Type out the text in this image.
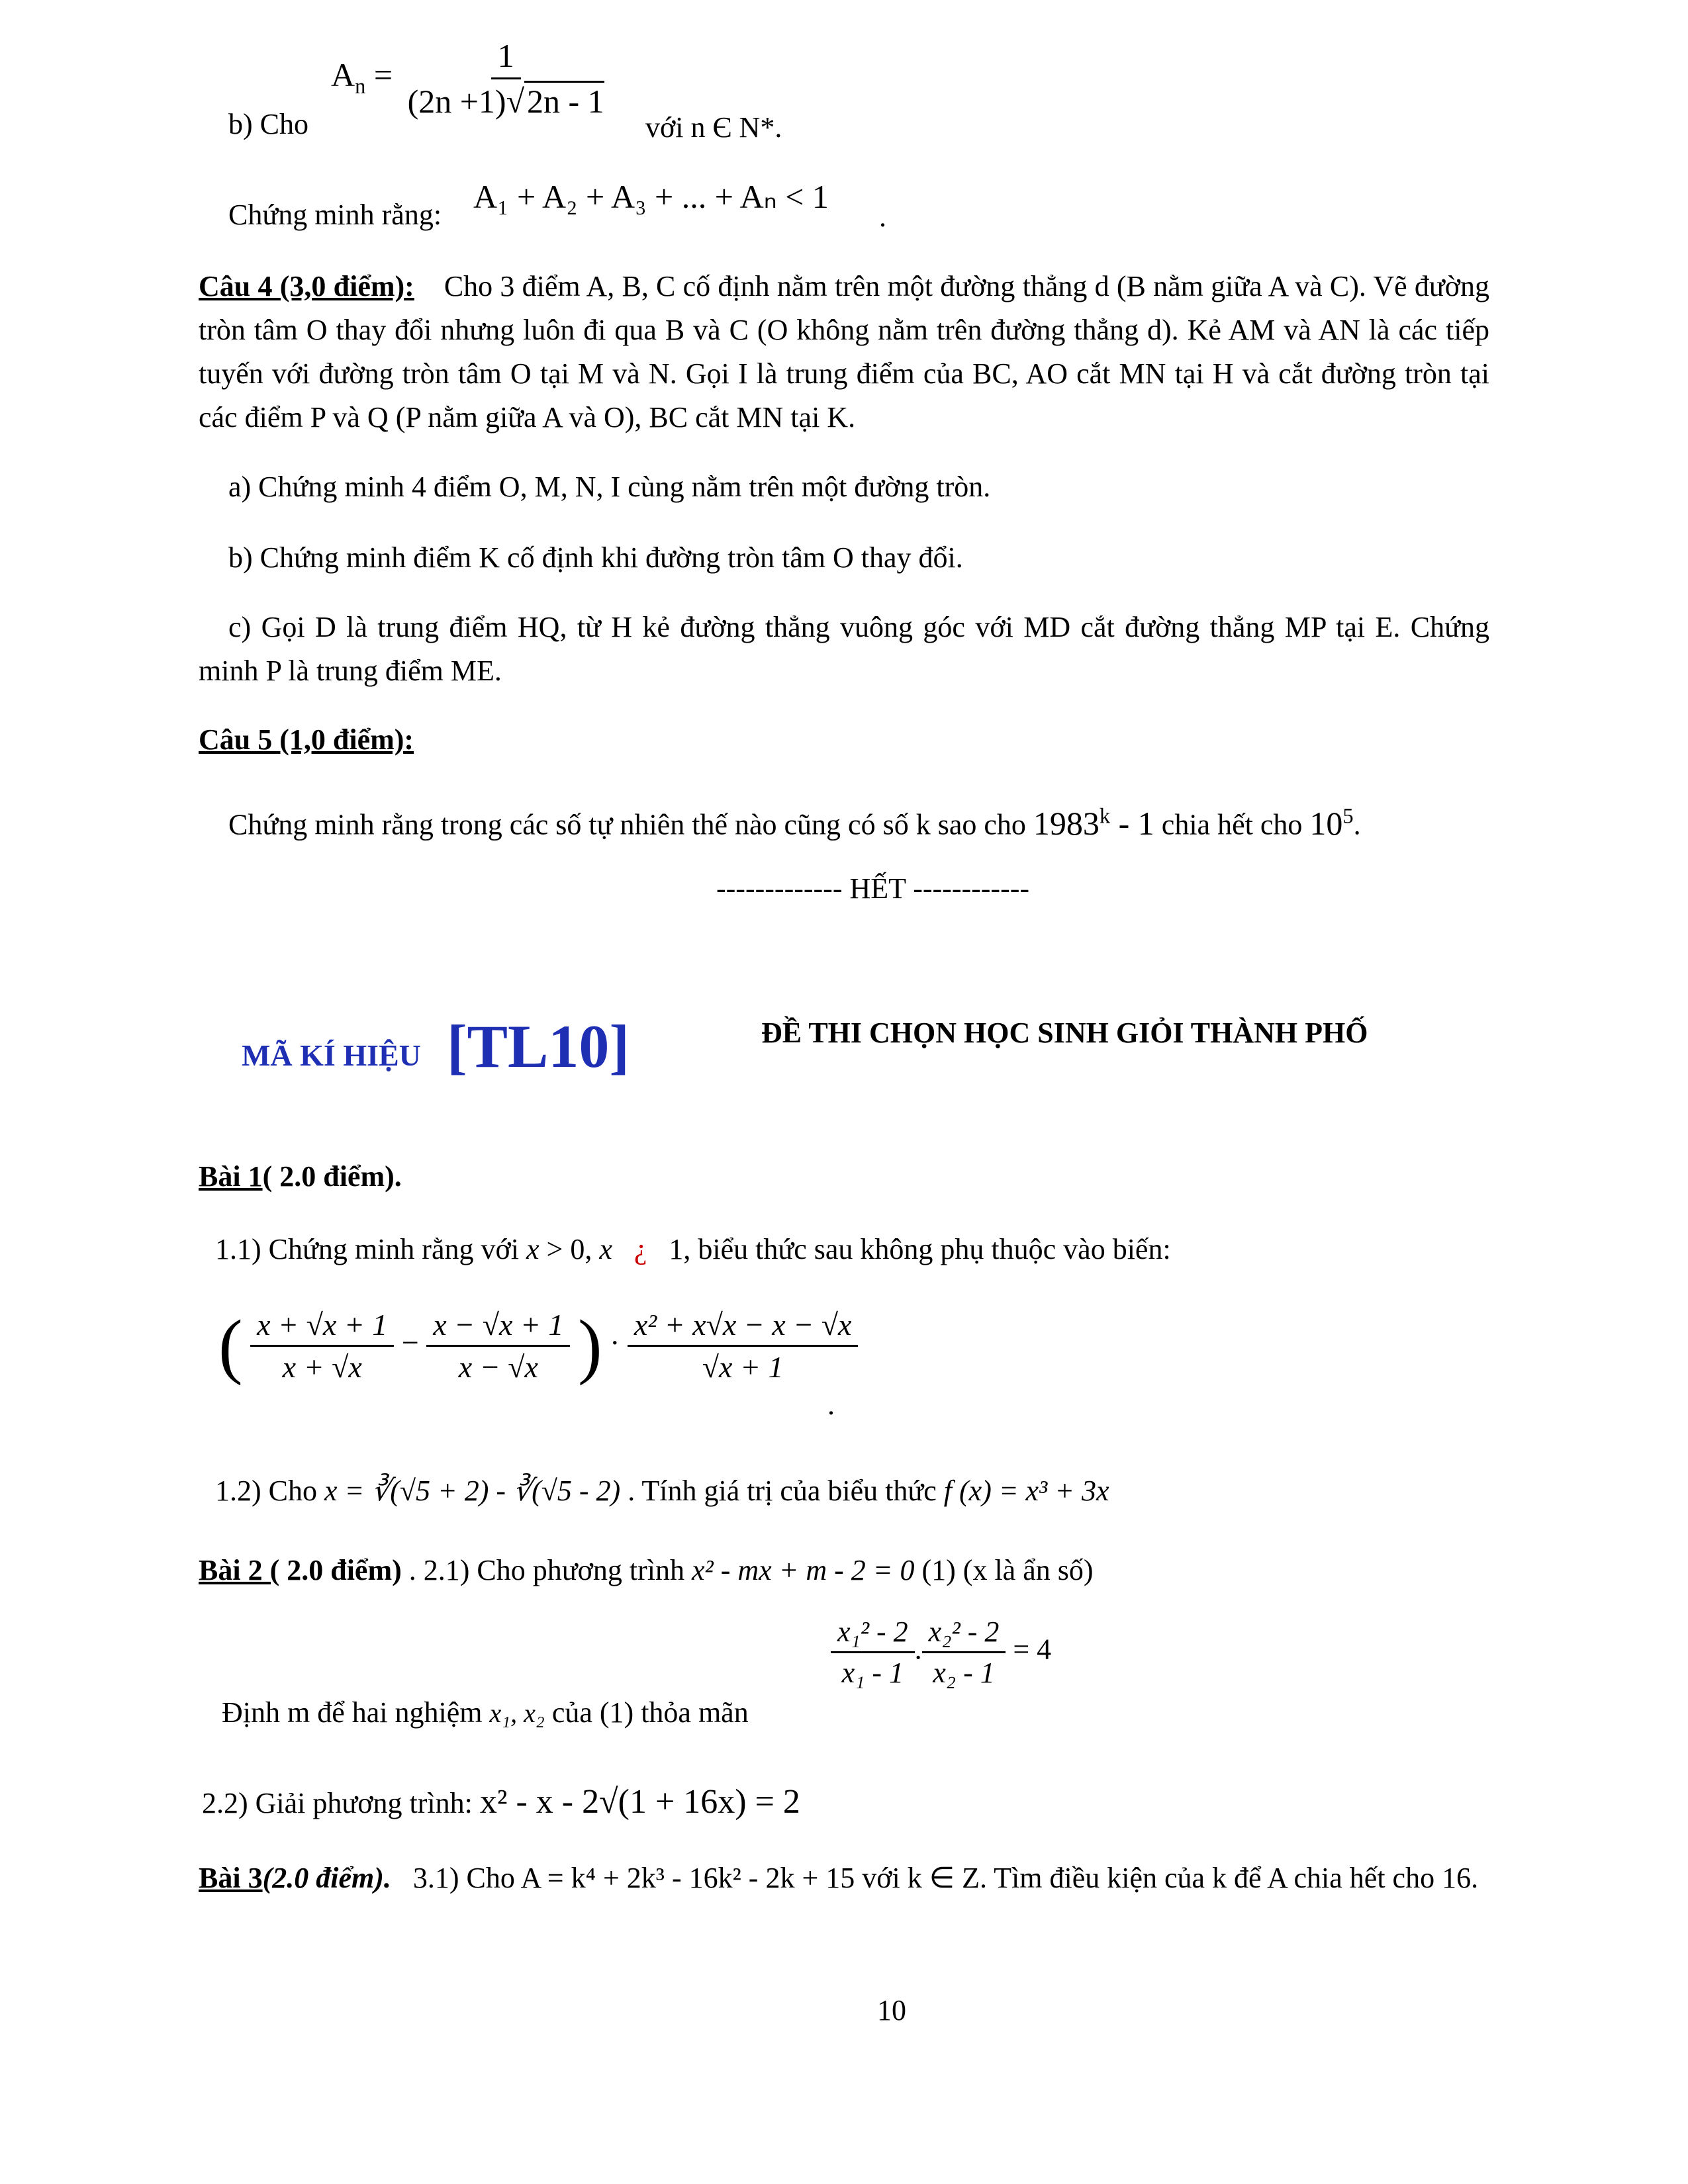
$A_n = \frac{1}{(2n +1)√2n - 1}$
b) Cho	với n Є N*.
Chứng minh rằng: A₁ + A₂ + A₃ + ... + Aₙ < 1
.
Câu 4 (3,0 điểm): Cho 3 điểm A, B, C cố định nằm trên một đường thẳng d (B nằm giữa A và C). Vẽ đường tròn tâm O thay đổi nhưng luôn đi qua B và C (O không nằm trên đường thẳng d). Kẻ AM và AN là các tiếp tuyến với đường tròn tâm O tại M và N. Gọi I là trung điểm của BC, AO cắt MN tại H và cắt đường tròn tại các điểm P và Q (P nằm giữa A và O), BC cắt MN tại K.
a) Chứng minh 4 điểm O, M, N, I cùng nằm trên một đường tròn.
b) Chứng minh điểm K cố định khi đường tròn tâm O thay đổi.
c) Gọi D là trung điểm HQ, từ H kẻ đường thẳng vuông góc với MD cắt đường thẳng MP tại E. Chứng minh P là trung điểm ME.
Câu 5 (1,0 điểm):
Chứng minh rằng trong các số tự nhiên thế nào cũng có số k sao cho 1983$^k$ - 1 chia hết cho $10^5$.
------------- HẾT ------------
MÃ KÍ HIỆU [TL10]	ĐỀ THI CHỌN HỌC SINH GIỎI THÀNH PHỐ
Bài 1( 2.0 điểm).
1.1) Chứng minh rằng với x > 0, x ¿ 1, biểu thức sau không phụ thuộc vào biến:
( $\frac{x + √x + 1}{x + √x} - \frac{x - √x + 1}{x - √x}$ ) · $\frac{\text{x² + x√x − x − √x}}{√x + 1}$
.
1.2) Cho x = ∛(√5 + 2) - ∛(√5 - 2) . Tính giá trị của biểu thức f (x) = x³ + 3x
Bài 2 ( 2.0 điểm) . 2.1) Cho phương trình x² - mx + m - 2 = 0 (1) (x là ẩn số)
$\frac{\text{x₁² - 2}}{\text{x₁ - 1}}$ . $\frac{\text{x₂² - 2}}{\text{x₂ - 1}} = 4$
Định m để hai nghiệm x₁, x₂ của (1) thỏa mãn
2.2) Giải phương trình: x² - x - 2√(1 + 16x) = 2
Bài 3(2.0 điểm). 3.1) Cho A = k⁴ + 2k³ - 16k² - 2k + 15 với k ∈ Z. Tìm điều kiện của k để A chia hết cho 16.
10
